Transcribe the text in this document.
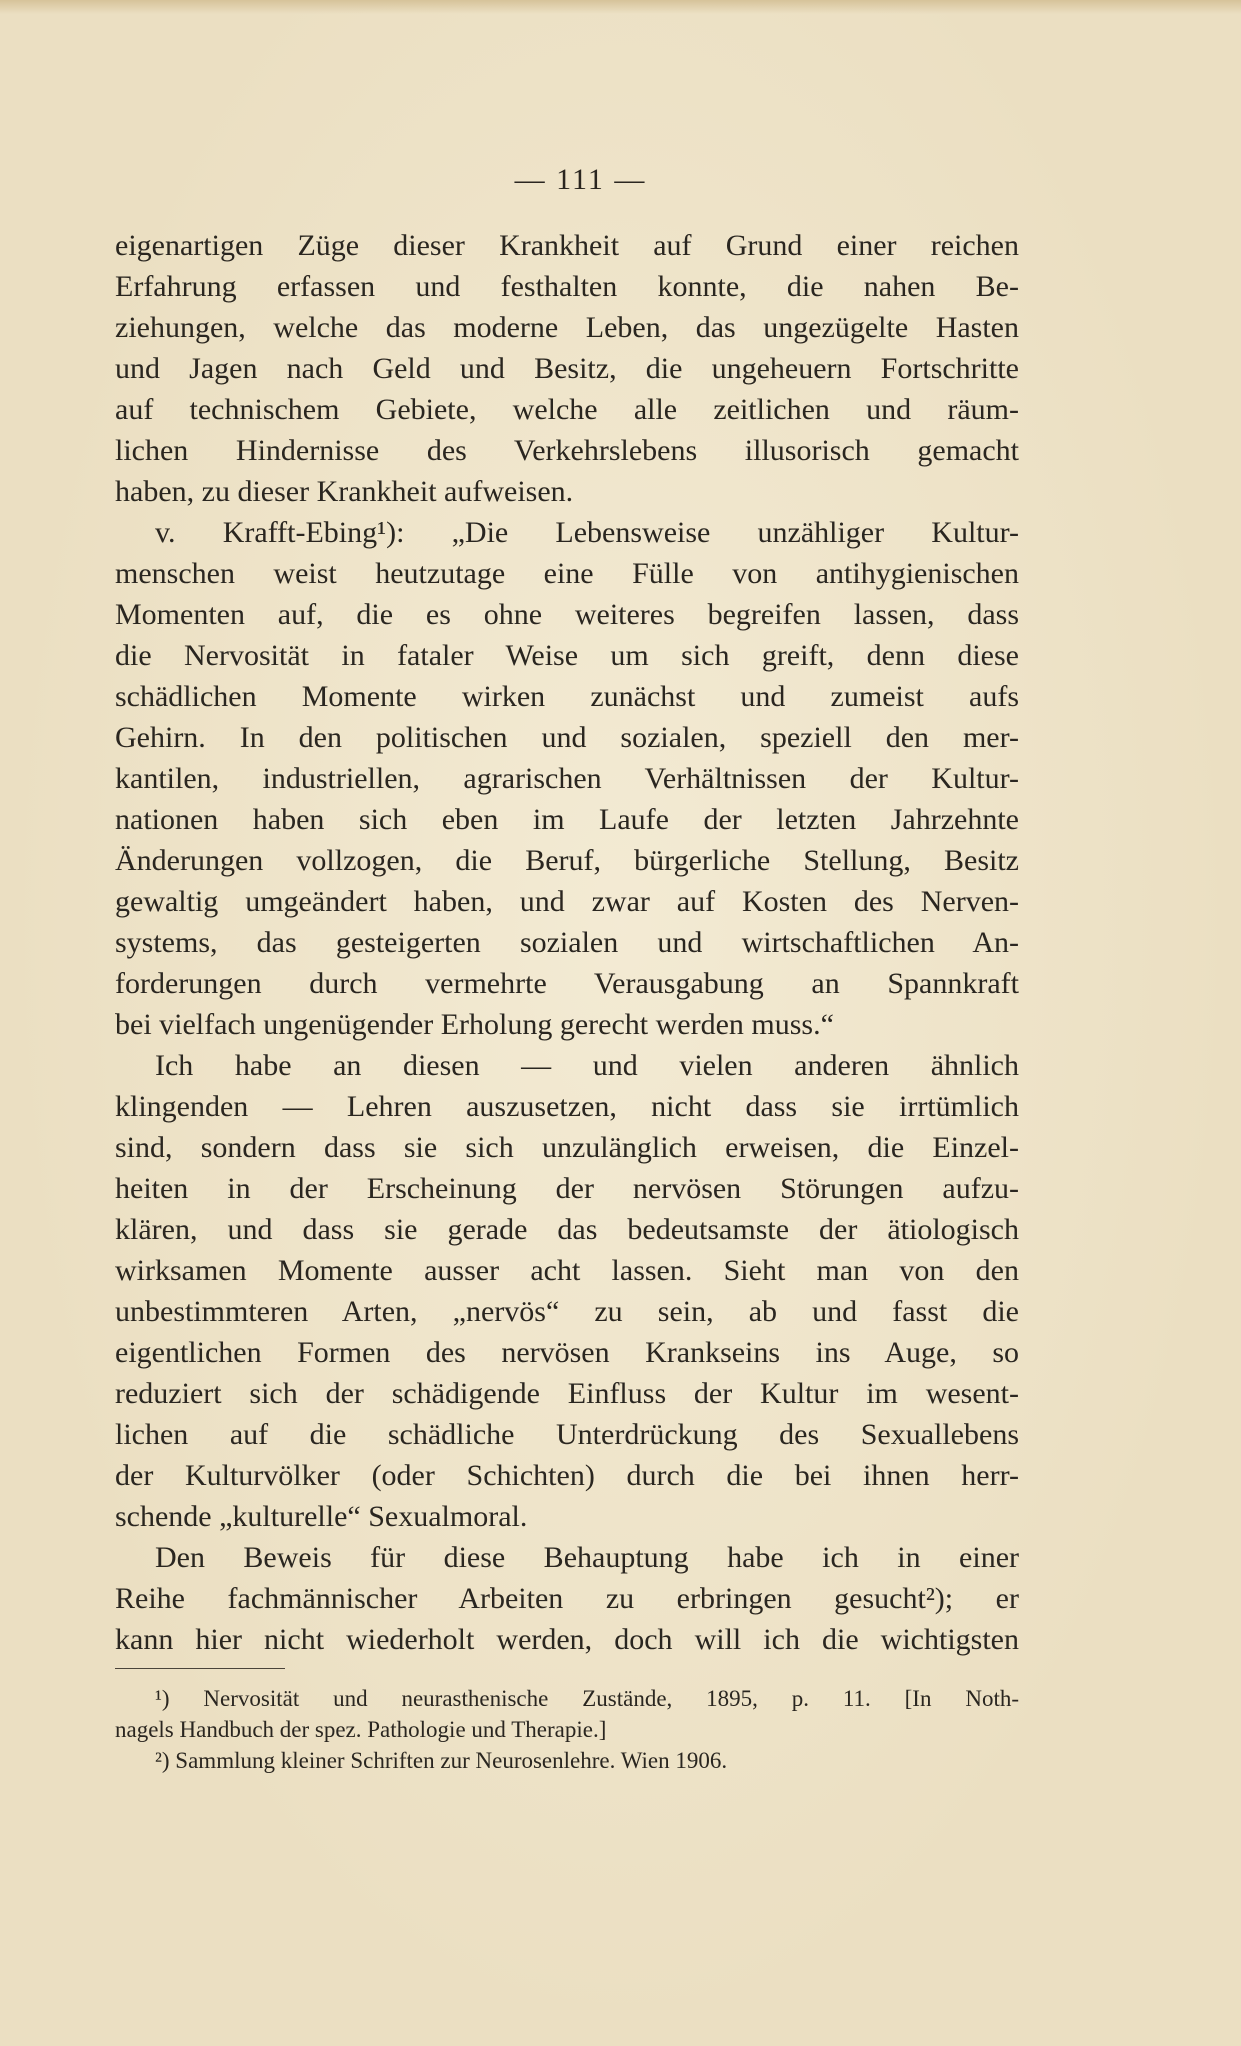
— 111 —
eigenartigen Züge dieser Krankheit auf Grund einer reichen
Erfahrung erfassen und festhalten konnte, die nahen Be-
ziehungen, welche das moderne Leben, das ungezügelte Hasten
und Jagen nach Geld und Besitz, die ungeheuern Fortschritte
auf technischem Gebiete, welche alle zeitlichen und räum-
lichen Hindernisse des Verkehrslebens illusorisch gemacht
haben, zu dieser Krankheit aufweisen.
v. Krafft-Ebing¹): „Die Lebensweise unzähliger Kultur-
menschen weist heutzutage eine Fülle von antihygienischen
Momenten auf, die es ohne weiteres begreifen lassen, dass
die Nervosität in fataler Weise um sich greift, denn diese
schädlichen Momente wirken zunächst und zumeist aufs
Gehirn. In den politischen und sozialen, speziell den mer-
kantilen, industriellen, agrarischen Verhältnissen der Kultur-
nationen haben sich eben im Laufe der letzten Jahrzehnte
Änderungen vollzogen, die Beruf, bürgerliche Stellung, Besitz
gewaltig umgeändert haben, und zwar auf Kosten des Nerven-
systems, das gesteigerten sozialen und wirtschaftlichen An-
forderungen durch vermehrte Verausgabung an Spannkraft
bei vielfach ungenügender Erholung gerecht werden muss.“
Ich habe an diesen — und vielen anderen ähnlich
klingenden — Lehren auszusetzen, nicht dass sie irrtümlich
sind, sondern dass sie sich unzulänglich erweisen, die Einzel-
heiten in der Erscheinung der nervösen Störungen aufzu-
klären, und dass sie gerade das bedeutsamste der ätiologisch
wirksamen Momente ausser acht lassen. Sieht man von den
unbestimmteren Arten, „nervös“ zu sein, ab und fasst die
eigentlichen Formen des nervösen Krankseins ins Auge, so
reduziert sich der schädigende Einfluss der Kultur im wesent-
lichen auf die schädliche Unterdrückung des Sexuallebens
der Kulturvölker (oder Schichten) durch die bei ihnen herr-
schende „kulturelle“ Sexualmoral.
Den Beweis für diese Behauptung habe ich in einer
Reihe fachmännischer Arbeiten zu erbringen gesucht²); er
kann hier nicht wiederholt werden, doch will ich die wichtigsten
¹) Nervosität und neurasthenische Zustände, 1895, p. 11. [In Noth-
nagels Handbuch der spez. Pathologie und Therapie.]
²) Sammlung kleiner Schriften zur Neurosenlehre. Wien 1906.
